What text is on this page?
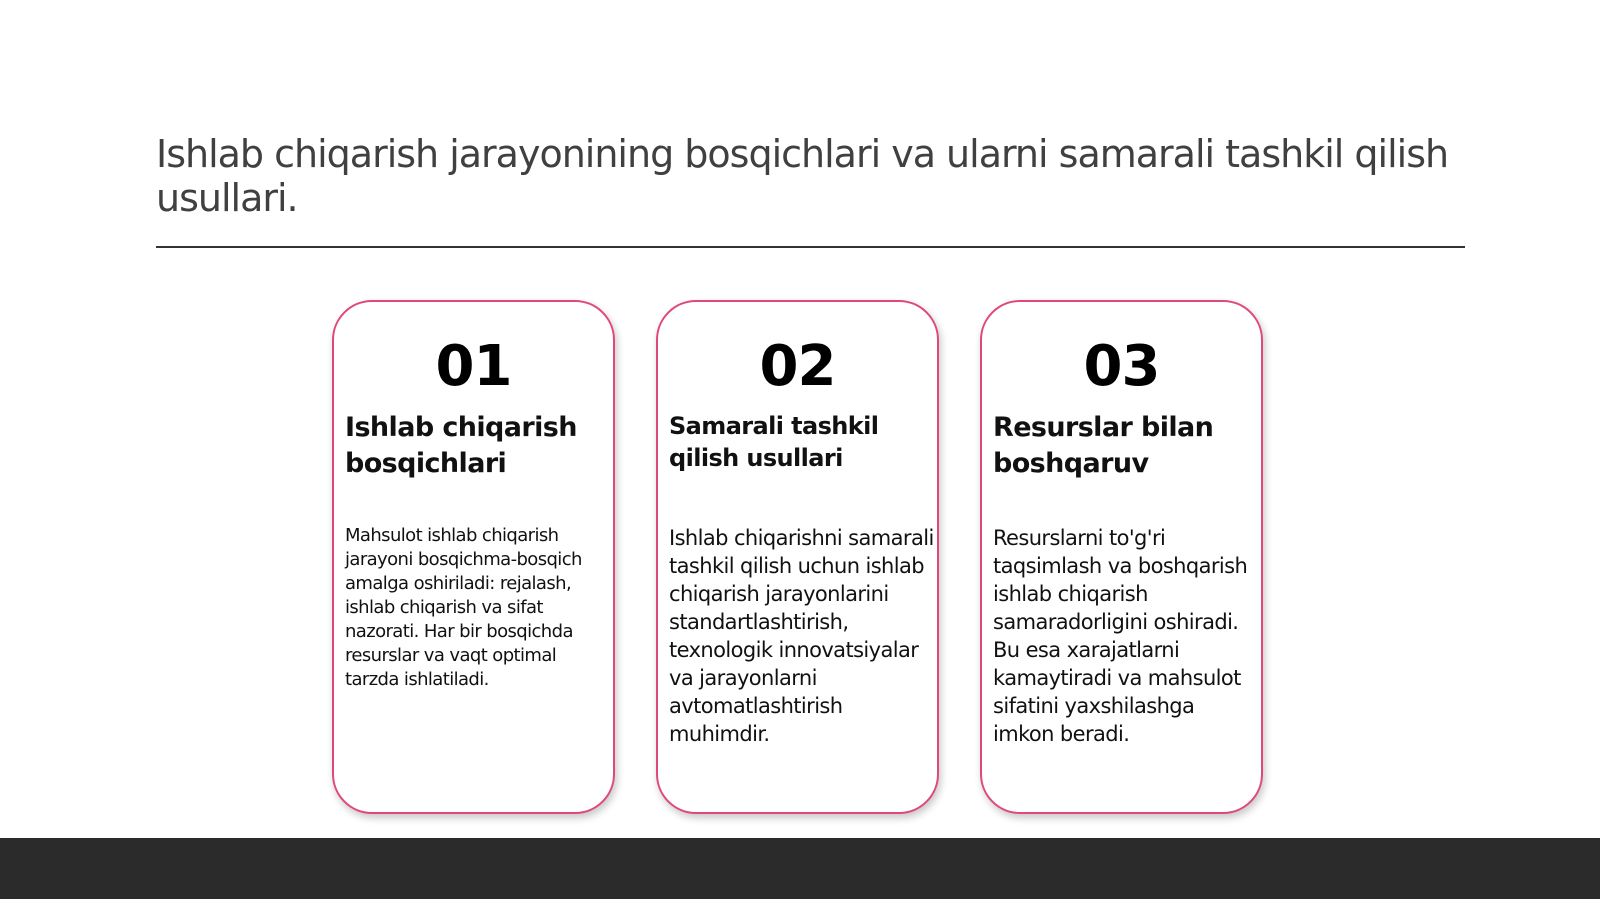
Ishlab chiqarish jarayonining bosqichlari va ularni samarali tashkil qilish usullari.
01
Ishlab chiqarish bosqichlari
Mahsulot ishlab chiqarish jarayoni bosqichma-bosqich amalga oshiriladi: rejalash, ishlab chiqarish va sifat nazorati. Har bir bosqichda resurslar va vaqt optimal tarzda ishlatiladi.
02
Samarali tashkil qilish usullari
Ishlab chiqarishni samarali tashkil qilish uchun ishlab chiqarish jarayonlarini standartlashtirish, texnologik innovatsiyalar va jarayonlarni avtomatlashtirish muhimdir.
03
Resurslar bilan boshqaruv
Resurslarni to'g'ri taqsimlash va boshqarish ishlab chiqarish samaradorligini oshiradi. Bu esa xarajatlarni kamaytiradi va mahsulot sifatini yaxshilashga imkon beradi.
